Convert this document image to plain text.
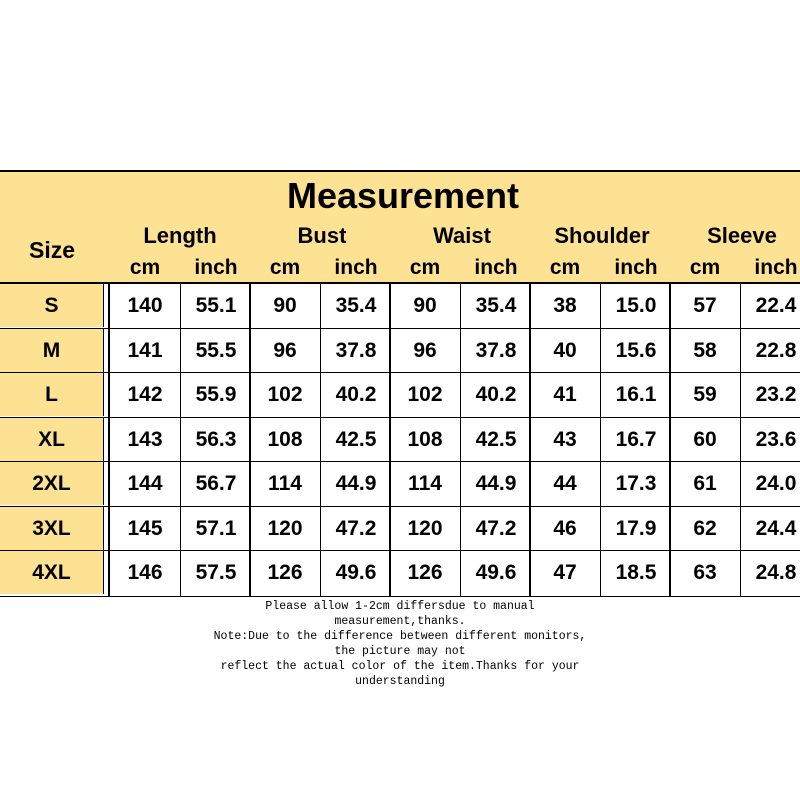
Measurement
Size
Length	Bust	Waist	Shoulder	Sleeve
cm	inch	cm	inch	cm	inch	cm	inch	cm	inch
S	140	55.1	90	35.4	90	35.4	38	15.0	57	22.4
M	141	55.5	96	37.8	96	37.8	40	15.6	58	22.8
L	142	55.9	102	40.2	102	40.2	41	16.1	59	23.2
XL	143	56.3	108	42.5	108	42.5	43	16.7	60	23.6
2XL	144	56.7	114	44.9	114	44.9	44	17.3	61	24.0
3XL	145	57.1	120	47.2	120	47.2	46	17.9	62	24.4
4XL	146	57.5	126	49.6	126	49.6	47	18.5	63	24.8
Please allow 1-2cm differsdue to manual
measurement,thanks.
Note:Due to the difference between different monitors,
the picture may not
reflect the actual color of the item.Thanks for your
understanding
